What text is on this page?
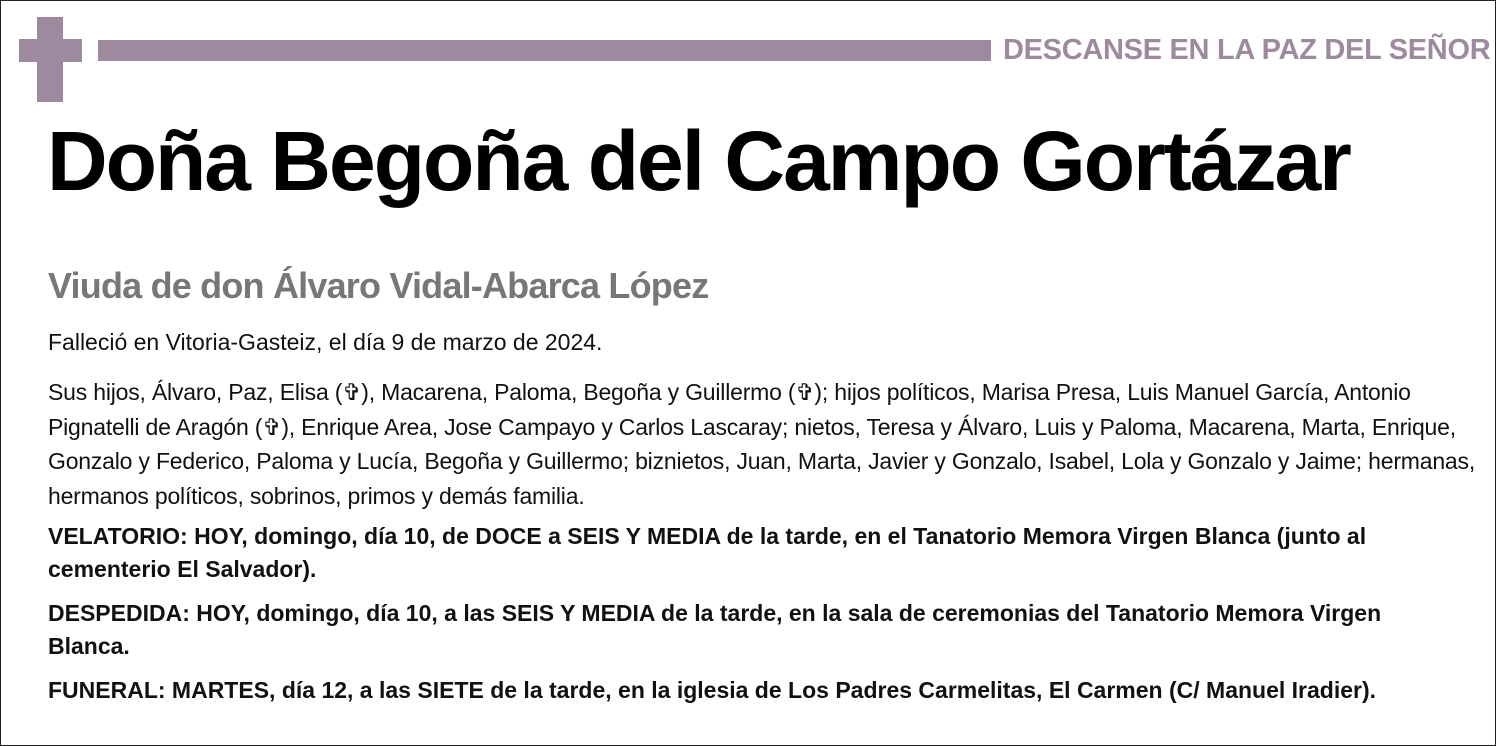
DESCANSE EN LA PAZ DEL SEÑOR
Doña Begoña del Campo Gortázar
Viuda de don Álvaro Vidal-Abarca López
Falleció en Vitoria-Gasteiz, el día 9 de marzo de 2024.
Sus hijos, Álvaro, Paz, Elisa (✞), Macarena, Paloma, Begoña y Guillermo (✞); hijos políticos, Marisa Presa, Luis Manuel García, Antonio Pignatelli de Aragón (✞), Enrique Area, Jose Campayo y Carlos Lascaray; nietos, Teresa y Álvaro, Luis y Paloma, Macarena, Marta, Enrique, Gonzalo y Federico, Paloma y Lucía, Begoña y Guillermo; biznietos, Juan, Marta, Javier y Gonzalo, Isabel, Lola y Gonzalo y Jaime; hermanas, hermanos políticos, sobrinos, primos y demás familia.
VELATORIO: HOY, domingo, día 10, de DOCE a SEIS Y MEDIA de la tarde, en el Tanatorio Memora Virgen Blanca (junto al cementerio El Salvador).
DESPEDIDA: HOY, domingo, día 10, a las SEIS Y MEDIA de la tarde, en la sala de ceremonias del Tanatorio Memora Virgen Blanca.
FUNERAL: MARTES, día 12, a las SIETE de la tarde, en la iglesia de Los Padres Carmelitas, El Carmen (C/ Manuel Iradier).
